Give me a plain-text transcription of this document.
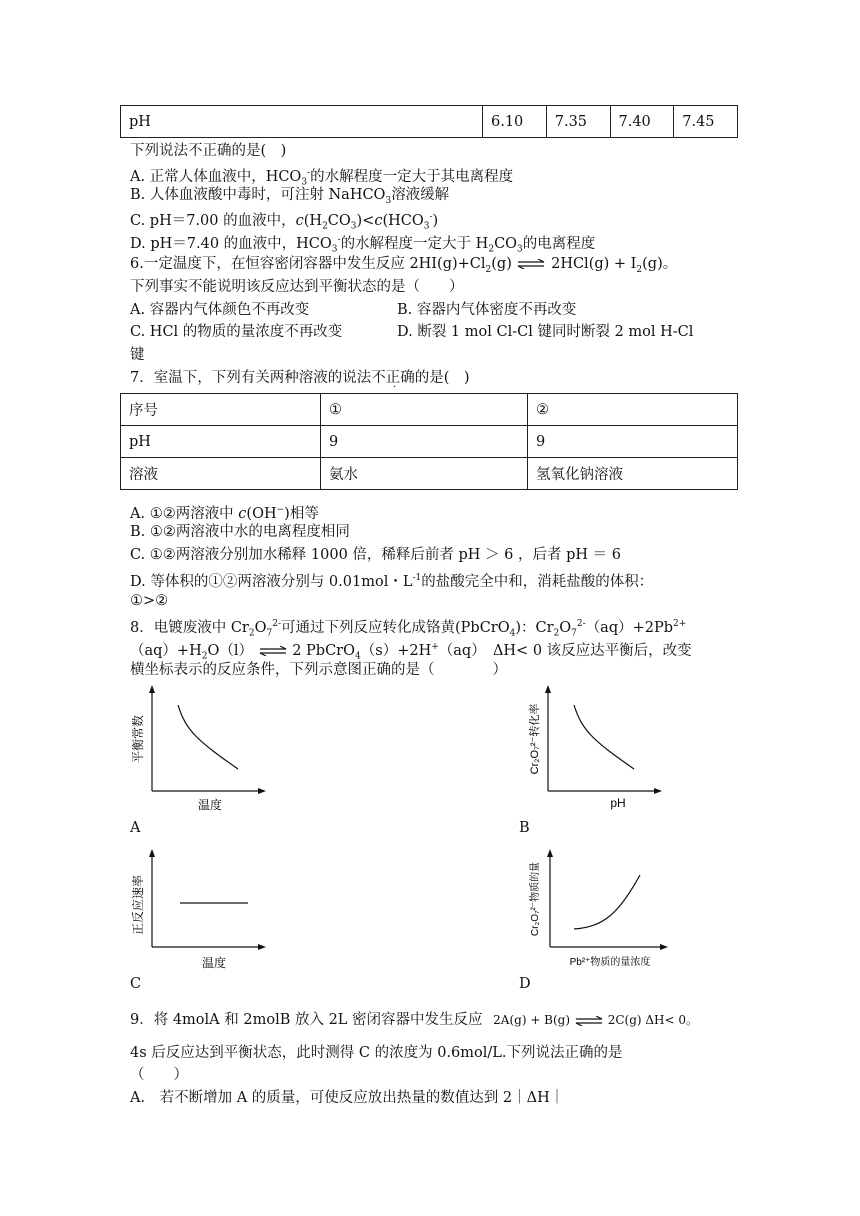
pH	6.10	7.35	7.40	7.45
下列说法不正确的是(　)
A. 正常人体血液中，$HCO_3^-$的水解程度一定大于其电离程度
B. 人体血液酸中毒时，可注射 NaHCO$_3$溶液缓解
C. pH＝7.00 的血液中，$c(H_2CO_3)<c(HCO_3^-)$
D. pH＝7.40 的血液中，$HCO_3^-$的水解程度一定大于 $H_2CO_3$的电离程度
6.一定温度下，在恒容密闭容器中发生反应 $2HI(g)+Cl_2(g)$ ⇌ $2HCl(g) + I_2(g)$。
下列事实不能说明该反应达到平衡状态的是（　　）
A. 容器内气体颜色不再改变	B. 容器内气体密度不再改变
C. HCl 的物质的量浓度不再改变	D. 断裂 1 mol Cl-Cl 键同时断裂 2 mol H-Cl
键
7．室温下，下列有关两种溶液的说法不正确的是(　)
序号	①	②
pH	9	9
溶液	氨水	氢氧化钠溶液
A. ①②两溶液中 c(OH−)相等
B. ①②两溶液中水的电离程度相同
C. ①②两溶液分别加水稀释 1000 倍，稀释后前者 pH ＞ 6 ，后者 pH ＝ 6
D. 等体积的①②两溶液分别与 0.01mol・$L^{-1}$的盐酸完全中和，消耗盐酸的体积：
①>②
8．电镀废液中 $Cr_2O_7^{2-}$可通过下列反应转化成铬黄(PbCrO$_4$)：$Cr_2O_7^{2-}(aq)+2Pb^{2+}$
$(aq)+H_2O(l)$ ⇌ 2 PbCrO$_4$（s）+2H+（aq）　ΔH< 0 该反应达平衡后，改变
横坐标表示的反应条件，下列示意图正确的是（　　　　）
平衡常数
温度
A
Cr₂O₇²⁻转化率
pH
B
正反应速率
温度
C
Cr₂O₇²⁻物质的量
Pb²⁺物质的量浓度
D
9．将 4molA 和 2molB 放入 2L 密闭容器中发生反应 2A(g) + B(g) ⇌ 2C(g) ΔH< 0。
4s 后反应达到平衡状态，此时测得 C 的浓度为 0.6mol/L.下列说法正确的是
（　　）
A.　若不断增加 A 的质量，可使反应放出热量的数值达到 2｜ΔH｜
